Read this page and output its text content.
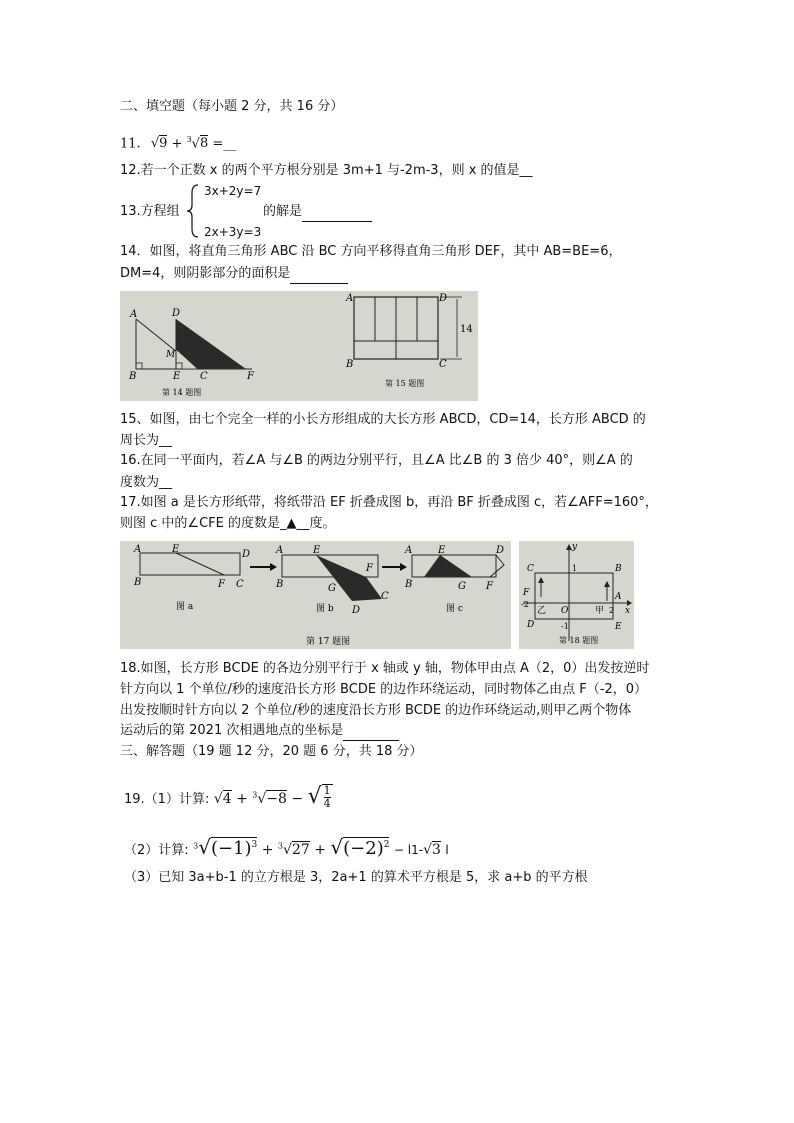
二、填空题（每小题 2 分，共 16 分）
11. √9 + $^3$√8 =__
12.若一个正数 x 的两个平方根分别是 3m+1 与-2m-3，则 x 的值是__
13.方程组
3x+2y=7
2x+3y=3
的解是
14．如图，将直角三角形 ABC 沿 BC 方向平移得直角三角形 DEF，其中 AB=BE=6，
DM=4，则阴影部分的面积是
A	D
M
B	E C	F
第 14 题图
A	D
B	C
14
第 15 题图
15、如图，由七个完全一样的小长方形组成的大长方形 ABCD，CD=14，长方形 ABCD 的
周长为__
16.在同一平面内，若∠A 与∠B 的两边分别平行，且∠A 比∠B 的 3 倍少 40°，则∠A 的
度数为__
17.如图 a 是长方形纸带，将纸带沿 EF 折叠成图 b，再沿 BF 折叠成图 c，若∠AFF=160°，
则图 c 中的∠CFE 的度数是_▲__度。
A	E	D
B	F C
图 a
A	E
F
B	G
D
C
图 b
A	E	D
B	G F
图 c
第 17 题图
y
C	1	B
F
-2
乙 O	甲 2
A
x
D	-1	E
第 18 题图
18.如图，长方形 BCDE 的各边分别平行于 x 轴或 y 轴，物体甲由点 A（2，0）出发按逆时
针方向以 1 个单位/秒的速度沿长方形 BCDE 的边作环绕运动，同时物体乙由点 F（-2，0）
出发按顺时针方向以 2 个单位/秒的速度沿长方形 BCDE 的边作环绕运动,则甲乙两个物体
运动后的第 2021 次相遇地点的坐标是
三、解答题（19 题 12 分，20 题 6 分，共 18 分）
19.（1）计算: √4 + $^3$√−8 − √ $\frac{1}{4}$
（2）计算: $^3√(-1)^3 + ^3√27 + √(-2)^2 - l1-√3$ l
（3）已知 3a+b-1 的立方根是 3，2a+1 的算术平方根是 5，求 a+b 的平方根
